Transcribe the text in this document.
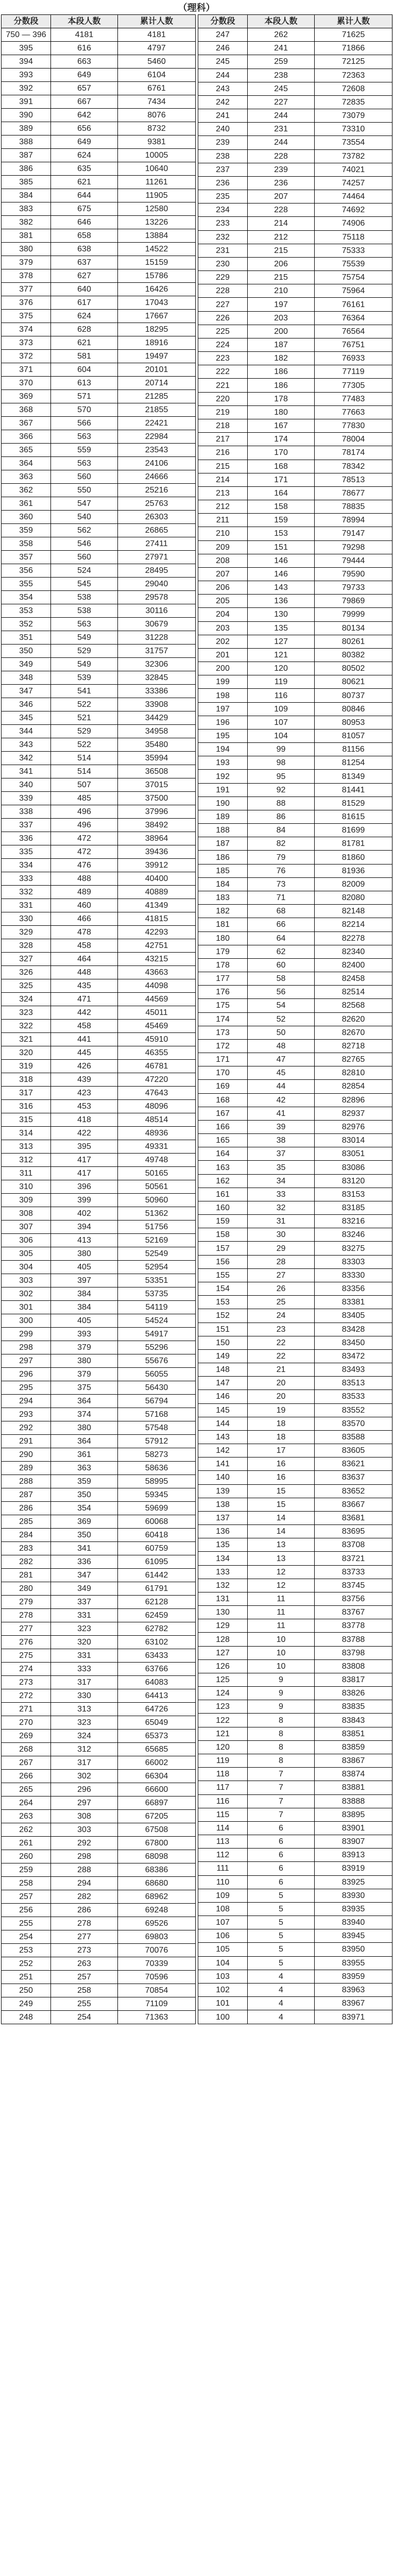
（理科）
分数段	本段人数	累计人数
750 — 396	4181	4181
395	616	4797
394	663	5460
393	649	6104
392	657	6761
391	667	7434
390	642	8076
389	656	8732
388	649	9381
387	624	10005
386	635	10640
385	621	11261
384	644	11905
383	675	12580
382	646	13226
381	658	13884
380	638	14522
379	637	15159
378	627	15786
377	640	16426
376	617	17043
375	624	17667
374	628	18295
373	621	18916
372	581	19497
371	604	20101
370	613	20714
369	571	21285
368	570	21855
367	566	22421
366	563	22984
365	559	23543
364	563	24106
363	560	24666
362	550	25216
361	547	25763
360	540	26303
359	562	26865
358	546	27411
357	560	27971
356	524	28495
355	545	29040
354	538	29578
353	538	30116
352	563	30679
351	549	31228
350	529	31757
349	549	32306
348	539	32845
347	541	33386
346	522	33908
345	521	34429
344	529	34958
343	522	35480
342	514	35994
341	514	36508
340	507	37015
339	485	37500
338	496	37996
337	496	38492
336	472	38964
335	472	39436
334	476	39912
333	488	40400
332	489	40889
331	460	41349
330	466	41815
329	478	42293
328	458	42751
327	464	43215
326	448	43663
325	435	44098
324	471	44569
323	442	45011
322	458	45469
321	441	45910
320	445	46355
319	426	46781
318	439	47220
317	423	47643
316	453	48096
315	418	48514
314	422	48936
313	395	49331
312	417	49748
311	417	50165
310	396	50561
309	399	50960
308	402	51362
307	394	51756
306	413	52169
305	380	52549
304	405	52954
303	397	53351
302	384	53735
301	384	54119
300	405	54524
299	393	54917
298	379	55296
297	380	55676
296	379	56055
295	375	56430
294	364	56794
293	374	57168
292	380	57548
291	364	57912
290	361	58273
289	363	58636
288	359	58995
287	350	59345
286	354	59699
285	369	60068
284	350	60418
283	341	60759
282	336	61095
281	347	61442
280	349	61791
279	337	62128
278	331	62459
277	323	62782
276	320	63102
275	331	63433
274	333	63766
273	317	64083
272	330	64413
271	313	64726
270	323	65049
269	324	65373
268	312	65685
267	317	66002
266	302	66304
265	296	66600
264	297	66897
263	308	67205
262	303	67508
261	292	67800
260	298	68098
259	288	68386
258	294	68680
257	282	68962
256	286	69248
255	278	69526
254	277	69803
253	273	70076
252	263	70339
251	257	70596
250	258	70854
249	255	71109
248	254	71363
分数段	本段人数	累计人数
247	262	71625
246	241	71866
245	259	72125
244	238	72363
243	245	72608
242	227	72835
241	244	73079
240	231	73310
239	244	73554
238	228	73782
237	239	74021
236	236	74257
235	207	74464
234	228	74692
233	214	74906
232	212	75118
231	215	75333
230	206	75539
229	215	75754
228	210	75964
227	197	76161
226	203	76364
225	200	76564
224	187	76751
223	182	76933
222	186	77119
221	186	77305
220	178	77483
219	180	77663
218	167	77830
217	174	78004
216	170	78174
215	168	78342
214	171	78513
213	164	78677
212	158	78835
211	159	78994
210	153	79147
209	151	79298
208	146	79444
207	146	79590
206	143	79733
205	136	79869
204	130	79999
203	135	80134
202	127	80261
201	121	80382
200	120	80502
199	119	80621
198	116	80737
197	109	80846
196	107	80953
195	104	81057
194	99	81156
193	98	81254
192	95	81349
191	92	81441
190	88	81529
189	86	81615
188	84	81699
187	82	81781
186	79	81860
185	76	81936
184	73	82009
183	71	82080
182	68	82148
181	66	82214
180	64	82278
179	62	82340
178	60	82400
177	58	82458
176	56	82514
175	54	82568
174	52	82620
173	50	82670
172	48	82718
171	47	82765
170	45	82810
169	44	82854
168	42	82896
167	41	82937
166	39	82976
165	38	83014
164	37	83051
163	35	83086
162	34	83120
161	33	83153
160	32	83185
159	31	83216
158	30	83246
157	29	83275
156	28	83303
155	27	83330
154	26	83356
153	25	83381
152	24	83405
151	23	83428
150	22	83450
149	22	83472
148	21	83493
147	20	83513
146	20	83533
145	19	83552
144	18	83570
143	18	83588
142	17	83605
141	16	83621
140	16	83637
139	15	83652
138	15	83667
137	14	83681
136	14	83695
135	13	83708
134	13	83721
133	12	83733
132	12	83745
131	11	83756
130	11	83767
129	11	83778
128	10	83788
127	10	83798
126	10	83808
125	9	83817
124	9	83826
123	9	83835
122	8	83843
121	8	83851
120	8	83859
119	8	83867
118	7	83874
117	7	83881
116	7	83888
115	7	83895
114	6	83901
113	6	83907
112	6	83913
111	6	83919
110	6	83925
109	5	83930
108	5	83935
107	5	83940
106	5	83945
105	5	83950
104	5	83955
103	4	83959
102	4	83963
101	4	83967
100	4	83971
